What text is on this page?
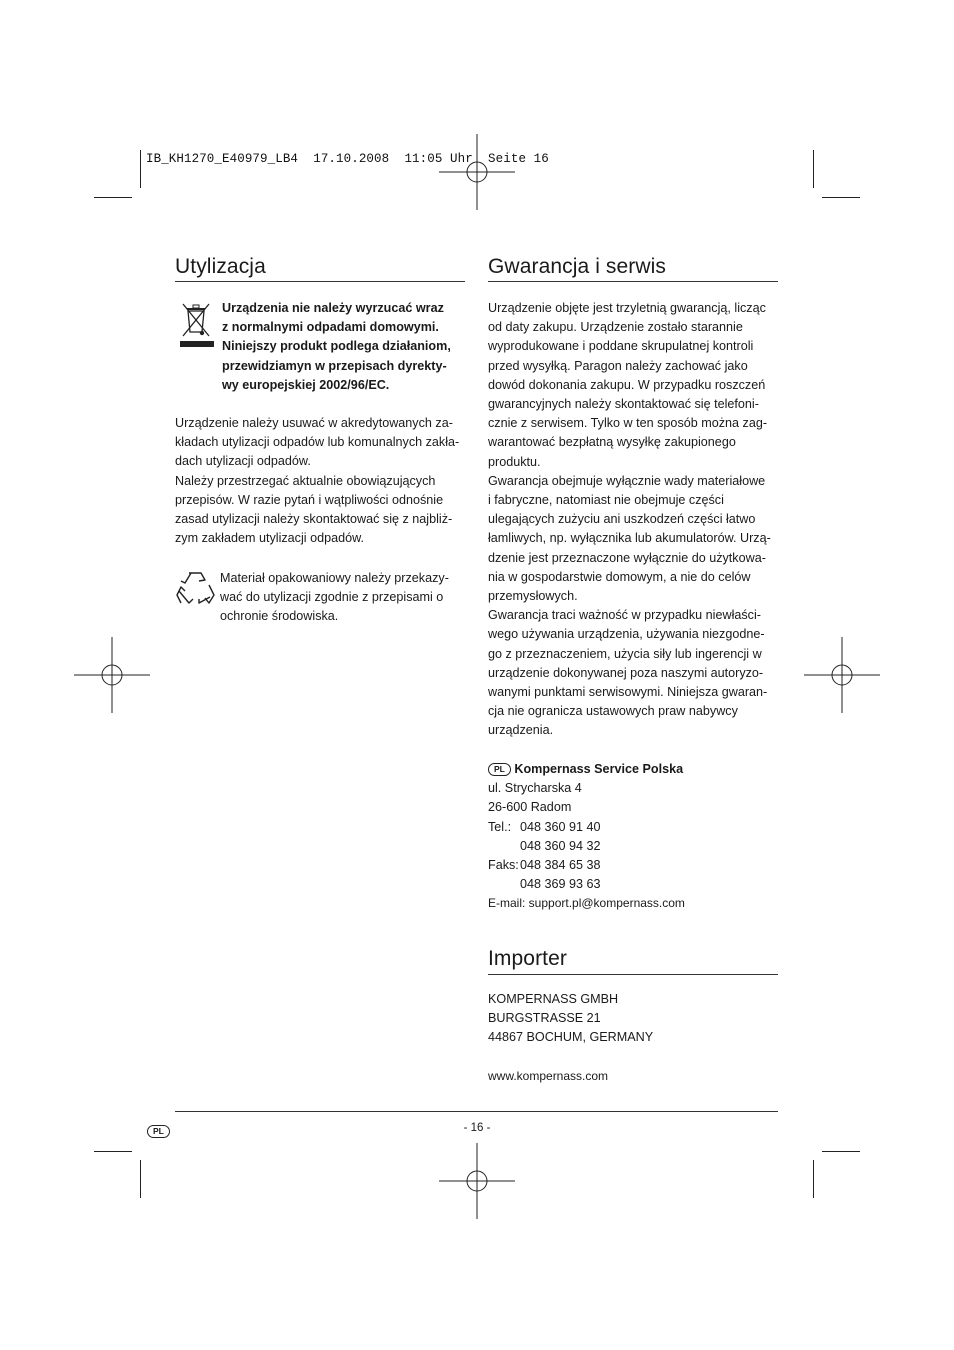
IB_KH1270_E40979_LB4  17.10.2008  11:05 Uhr  Seite 16
Utylizacja
Urządzenia nie należy wyrzucać wraz
z normalnymi odpadami domowymi.
Niniejszy produkt podlega działaniom,
przewidziamyn w przepisach dyrekty-
wy europejskiej 2002/96/EC.
Urządzenie należy usuwać w akredytowanych za-
kładach utylizacji odpadów lub komunalnych zakła-
dach utylizacji odpadów.
Należy przestrzegać aktualnie obowiązujących
przepisów. W razie pytań i wątpliwości odnośnie
zasad utylizacji należy skontaktować się z najbliż-
zym zakładem utylizacji odpadów.
Materiał opakowaniowy należy przekazy-
wać do utylizacji zgodnie z przepisami o
ochronie środowiska.
Gwarancja i serwis
Urządzenie objęte jest trzyletnią gwarancją, licząc
od daty zakupu. Urządzenie zostało starannie
wyprodukowane i poddane skrupulatnej kontroli
przed wysyłką. Paragon należy zachować jako
dowód dokonania zakupu. W przypadku roszczeń
gwarancyjnych należy skontaktować się telefoni-
cznie z serwisem. Tylko w ten sposób można zag-
warantować bezpłatną wysyłkę zakupionego
produktu.
Gwarancja obejmuje wyłącznie wady materiałowe
i fabryczne, natomiast nie obejmuje części
ulegających zużyciu ani uszkodzeń części łatwo
łamliwych, np. wyłącznika lub akumulatorów. Urzą-
dzenie jest przeznaczone wyłącznie do użytkowa-
nia w gospodarstwie domowym, a nie do celów
przemysłowych.
Gwarancja traci ważność w przypadku niewłaści-
wego używania urządzenia, używania niezgodne-
go z przeznaczeniem, użycia siły lub ingerencji w
urządzenie dokonywanej poza naszymi autoryzo-
wanymi punktami serwisowymi. Niniejsza gwaran-
cja nie ogranicza ustawowych praw nabywcy
urządzenia.
PL Kompernass Service Polska
ul. Strycharska 4
26-600 Radom
Tel.: 048 360 91 40
048 360 94 32
Faks: 048 384 65 38
048 369 93 63
E-mail: support.pl@kompernass.com
Importer
KOMPERNASS GMBH
BURGSTRASSE 21
44867 BOCHUM, GERMANY
www.kompernass.com
PL	- 16 -
